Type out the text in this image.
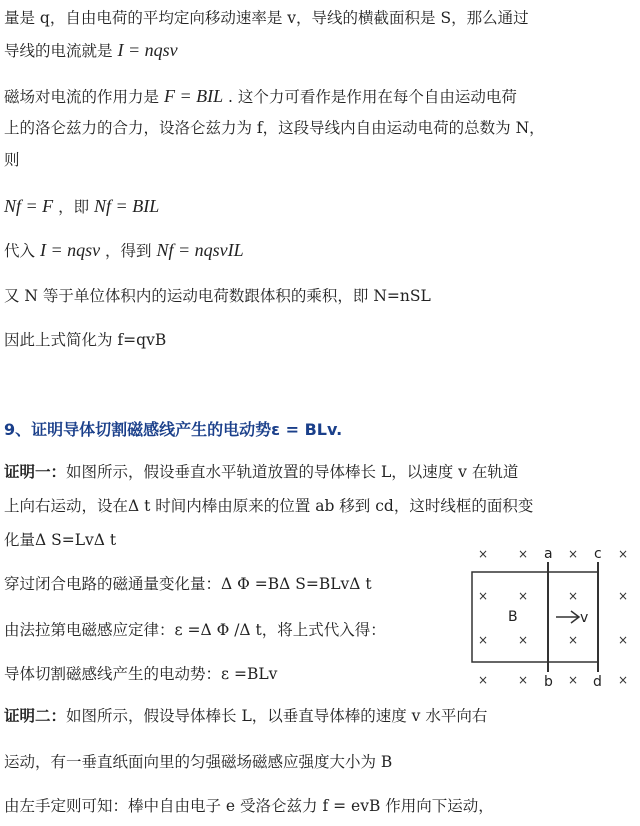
量是 q，自由电荷的平均定向移动速率是 v，导线的横截面积是 S，那么通过
导线的电流就是 I = nqsv
磁场对电流的作用力是 F = BIL . 这个力可看作是作用在每个自由运动电荷
上的洛仑兹力的合力，设洛仑兹力为 f，这段导线内自由运动电荷的总数为 N，
则
Nf = F ，即 Nf = BIL
代入 I = nqsv ，得到 Nf = nqsvIL
又 N 等于单位体积内的运动电荷数跟体积的乘积，即 N=nSL
因此上式简化为 f=qvB
9、证明导体切割磁感线产生的电动势ε = BLv.
证明一：如图所示，假设垂直水平轨道放置的导体棒长 L，以速度 v 在轨道
上向右运动，设在Δ t 时间内棒由原来的位置 ab 移到 cd，这时线框的面积变
化量Δ S=LvΔ t
穿过闭合电路的磁通量变化量：Δ Φ =BΔ S=BLvΔ t
由法拉第电磁感应定律：ε =Δ Φ /Δ t，将上式代入得：
导体切割磁感线产生的电动势：ε =BLv
× ×	×	×
× ×	×	×
× ×	×	×
× ×	×	×
a	c
b	d
B	v
证明二：如图所示，假设导体棒长 L，以垂直导体棒的速度 v 水平向右
运动，有一垂直纸面向里的匀强磁场磁感应强度大小为 B
由左手定则可知：棒中自由电子 e 受洛仑兹力 f = evB 作用向下运动，
